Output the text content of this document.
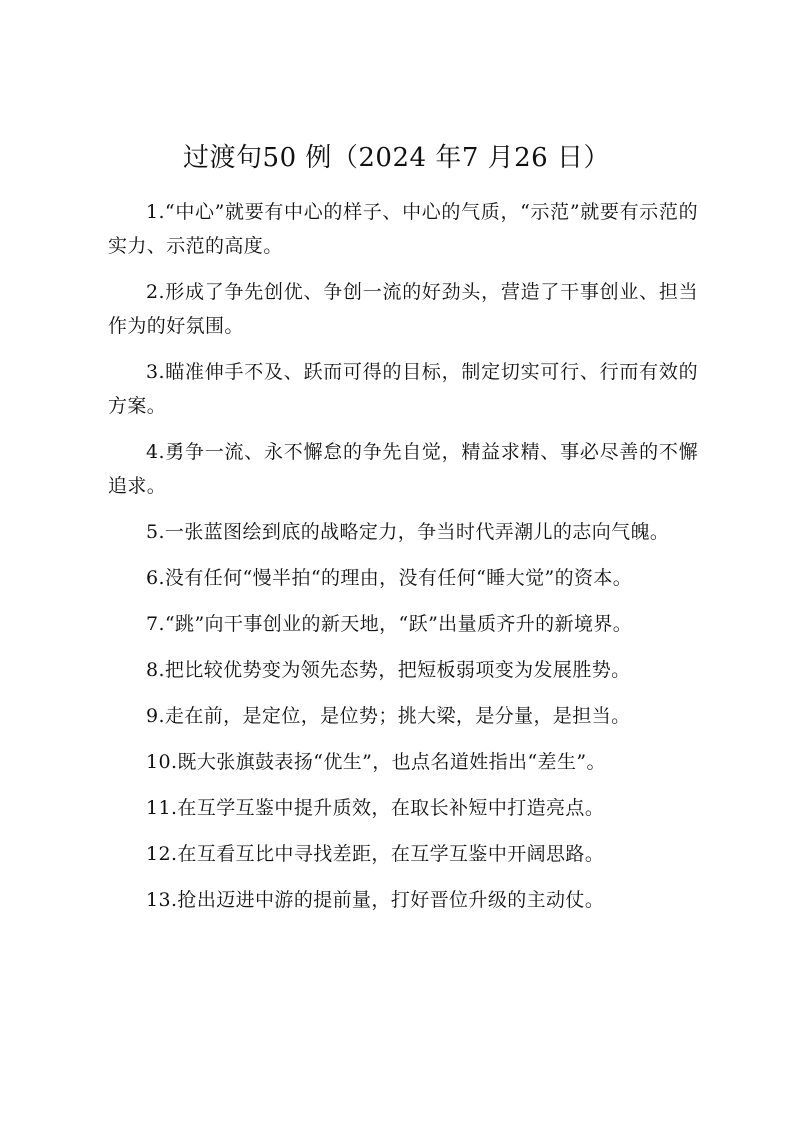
过渡句50 例（2024 年7 月26 日）
1.“中心”就要有中心的样子、中心的气质，“示范”就要有示范的实力、示范的高度。
2.形成了争先创优、争创一流的好劲头，营造了干事创业、担当作为的好氛围。
3.瞄准伸手不及、跃而可得的目标，制定切实可行、行而有效的方案。
4.勇争一流、永不懈怠的争先自觉，精益求精、事必尽善的不懈追求。
5.一张蓝图绘到底的战略定力，争当时代弄潮儿的志向气魄。
6.没有任何“慢半拍“的理由，没有任何“睡大觉”的资本。
7.“跳”向干事创业的新天地，“跃”出量质齐升的新境界。
8.把比较优势变为领先态势，把短板弱项变为发展胜势。
9.走在前，是定位，是位势；挑大梁，是分量，是担当。
10.既大张旗鼓表扬“优生”，也点名道姓指出“差生”。
11.在互学互鉴中提升质效，在取长补短中打造亮点。
12.在互看互比中寻找差距，在互学互鉴中开阔思路。
13.抢出迈进中游的提前量，打好晋位升级的主动仗。
